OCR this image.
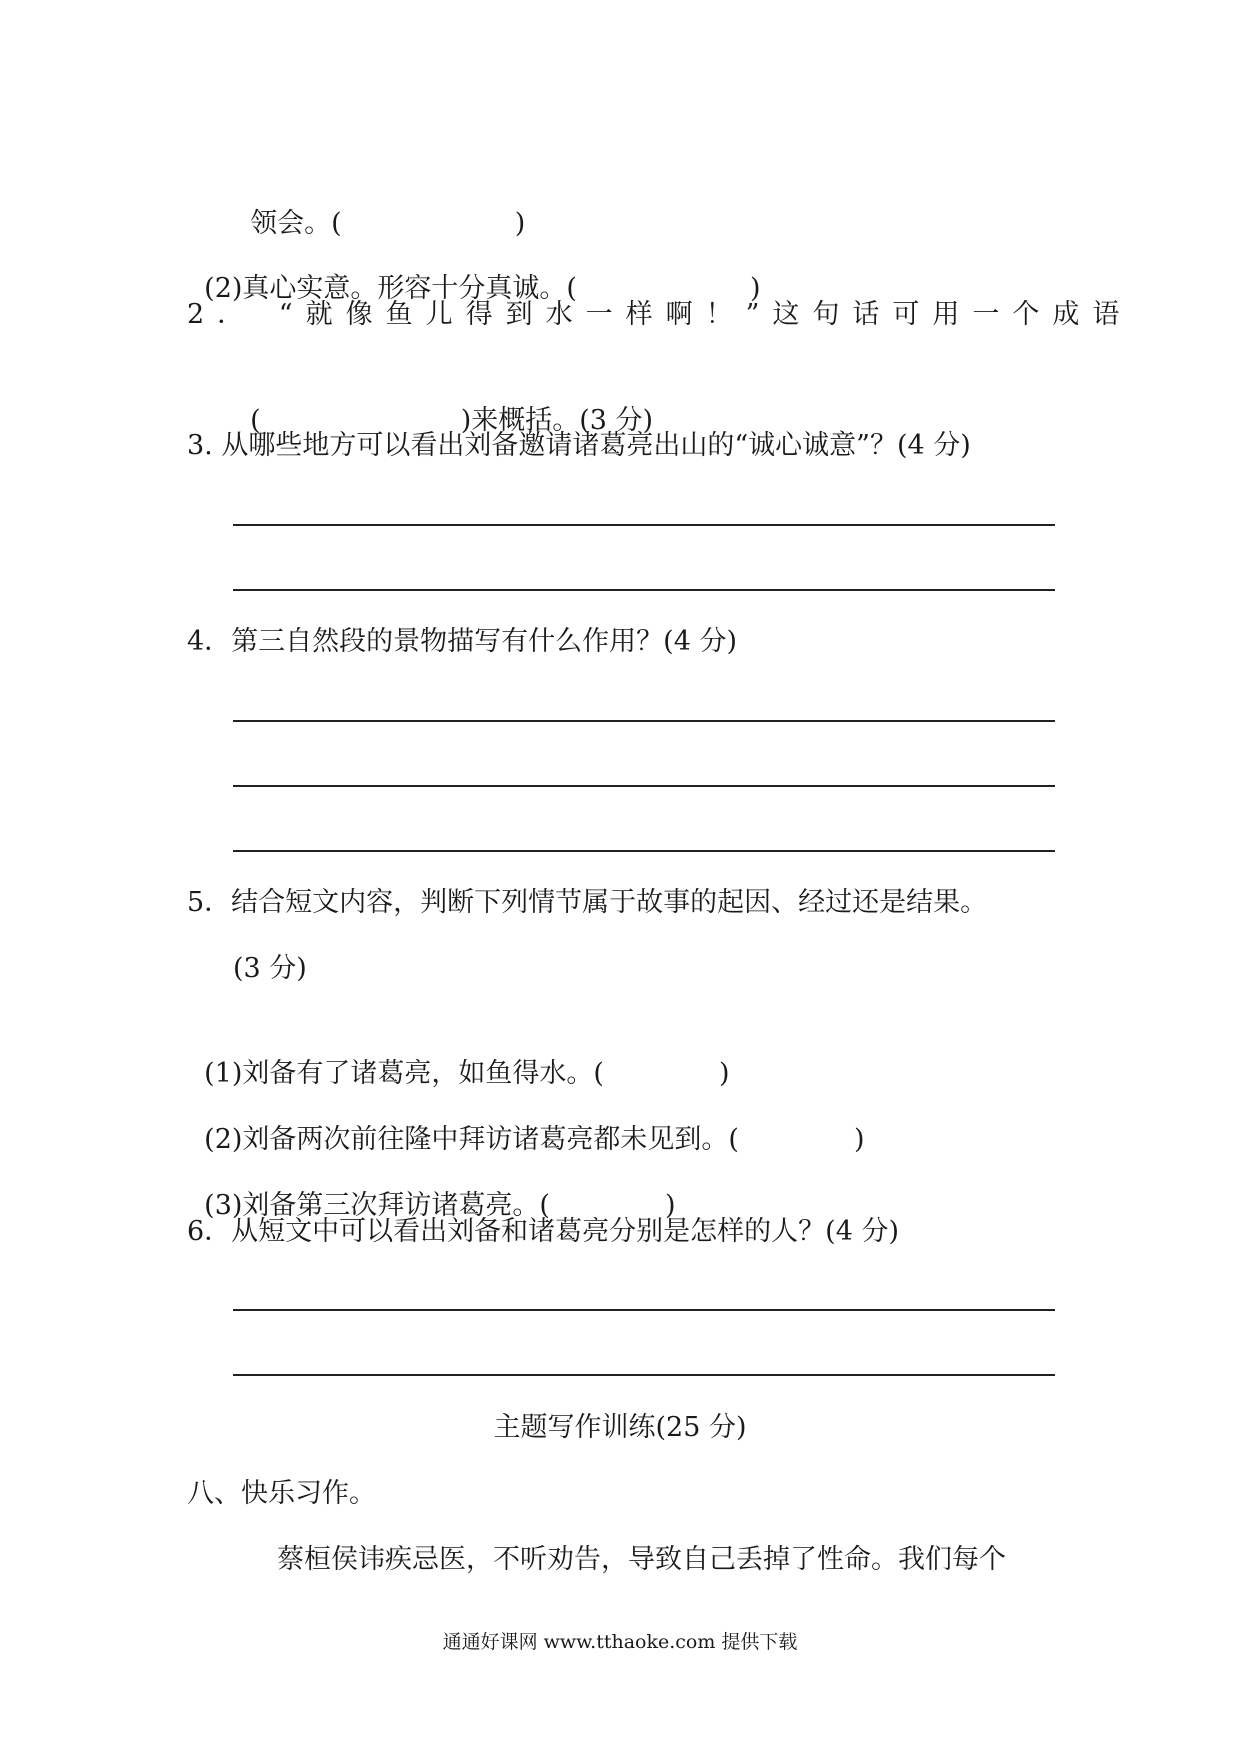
领会。(	)

(2)真心实意。形容十分真诚。(	)

2． “就像鱼儿得到水一样啊！”这句话可用一个成语

(	)来概括。(3 分)

3. 从哪些地方可以看出刘备邀请诸葛亮出山的“诚心诚意”？(4 分)
4．第三自然段的景物描写有什么作用？(4 分)
5．结合短文内容，判断下列情节属于故事的起因、经过还是结果。
(3 分)

(1)刘备有了诸葛亮，如鱼得水。(	)

(2)刘备两次前往隆中拜访诸葛亮都未见到。(	)

(3)刘备第三次拜访诸葛亮。(	)

6．从短文中可以看出刘备和诸葛亮分别是怎样的人？(4 分)
主题写作训练(25 分)
八、快乐习作。
蔡桓侯讳疾忌医，不听劝告，导致自己丢掉了性命。我们每个
通通好课网 www.tthaoke.com 提供下载
